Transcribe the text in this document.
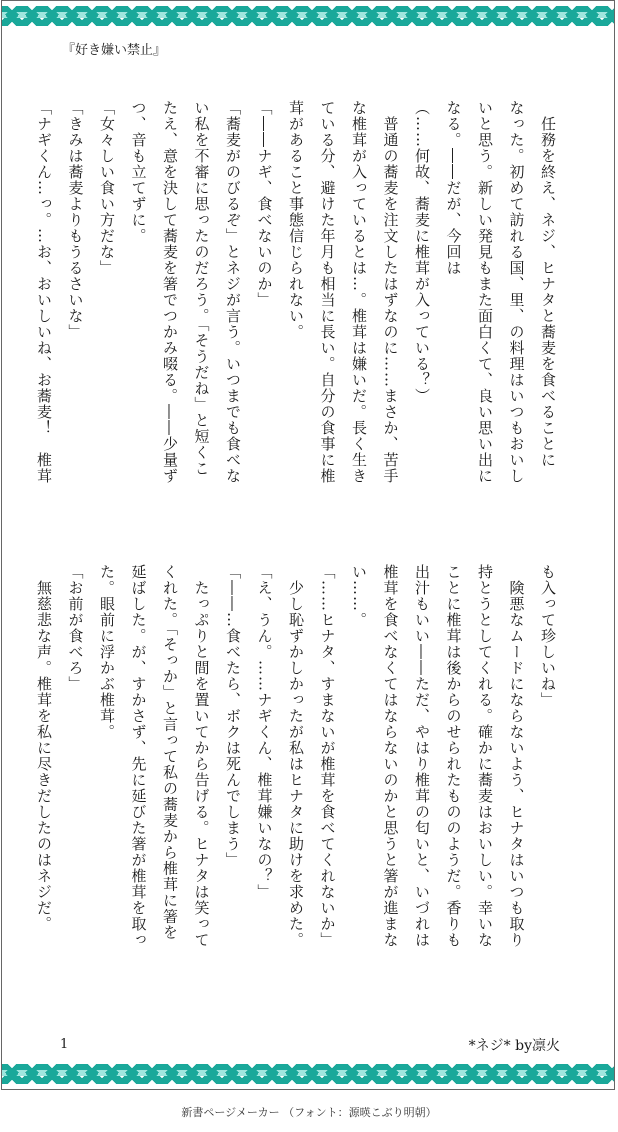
『好き嫌い禁止』
　任務を終え、ネジ、ヒナタと蕎麦を食べることに
なった。初めて訪れる国、里、の料理はいつもおいし
いと思う。新しい発見もまた面白くて、良い思い出に
なる。――だが、今回は
（……何故、蕎麦に椎茸が入っている？）
　普通の蕎麦を注文したはずなのに……まさか、苦手
な椎茸が入っているとは…。椎茸は嫌いだ。長く生き
ている分、避けた年月も相当に長い。自分の食事に椎
茸があること事態信じられない。
「――ナギ、食べないのか」
「蕎麦がのびるぞ」とネジが言う。いつまでも食べな
い私を不審に思ったのだろう。「そうだね」と短くこ
たえ、意を決して蕎麦を箸でつかみ啜る。――少量ず
つ、音も立てずに。
「女々しい食い方だな」
「きみは蕎麦よりもうるさいな」
「ナギくん…っ。…お、おいしいね、お蕎麦！　椎茸
も入って珍しいね」
　険悪なムードにならないよう、ヒナタはいつも取り
持とうとしてくれる。確かに蕎麦はおいしい。幸いな
ことに椎茸は後からのせられたもののようだ。香りも
出汁もいい――ただ、やはり椎茸の匂いと、いづれは
椎茸を食べなくてはならないのかと思うと箸が進まな
い……。
「……ヒナタ、すまないが椎茸を食べてくれないか」
　少し恥ずかしかったが私はヒナタに助けを求めた。
「え、うん。……ナギくん、椎茸嫌いなの？」
「――…食べたら、ボクは死んでしまう」
　たっぷりと間を置いてから告げる。ヒナタは笑って
くれた。「そっか」と言って私の蕎麦から椎茸に箸を
延ばした。が、すかさず、先に延びた箸が椎茸を取っ
た。眼前に浮かぶ椎茸。
「お前が食べろ」
　無慈悲な声。椎茸を私に尽きだしたのはネジだ。
1	*ネジ* by凛火
新書ページメーカー （フォント：源暎こぶり明朝）
